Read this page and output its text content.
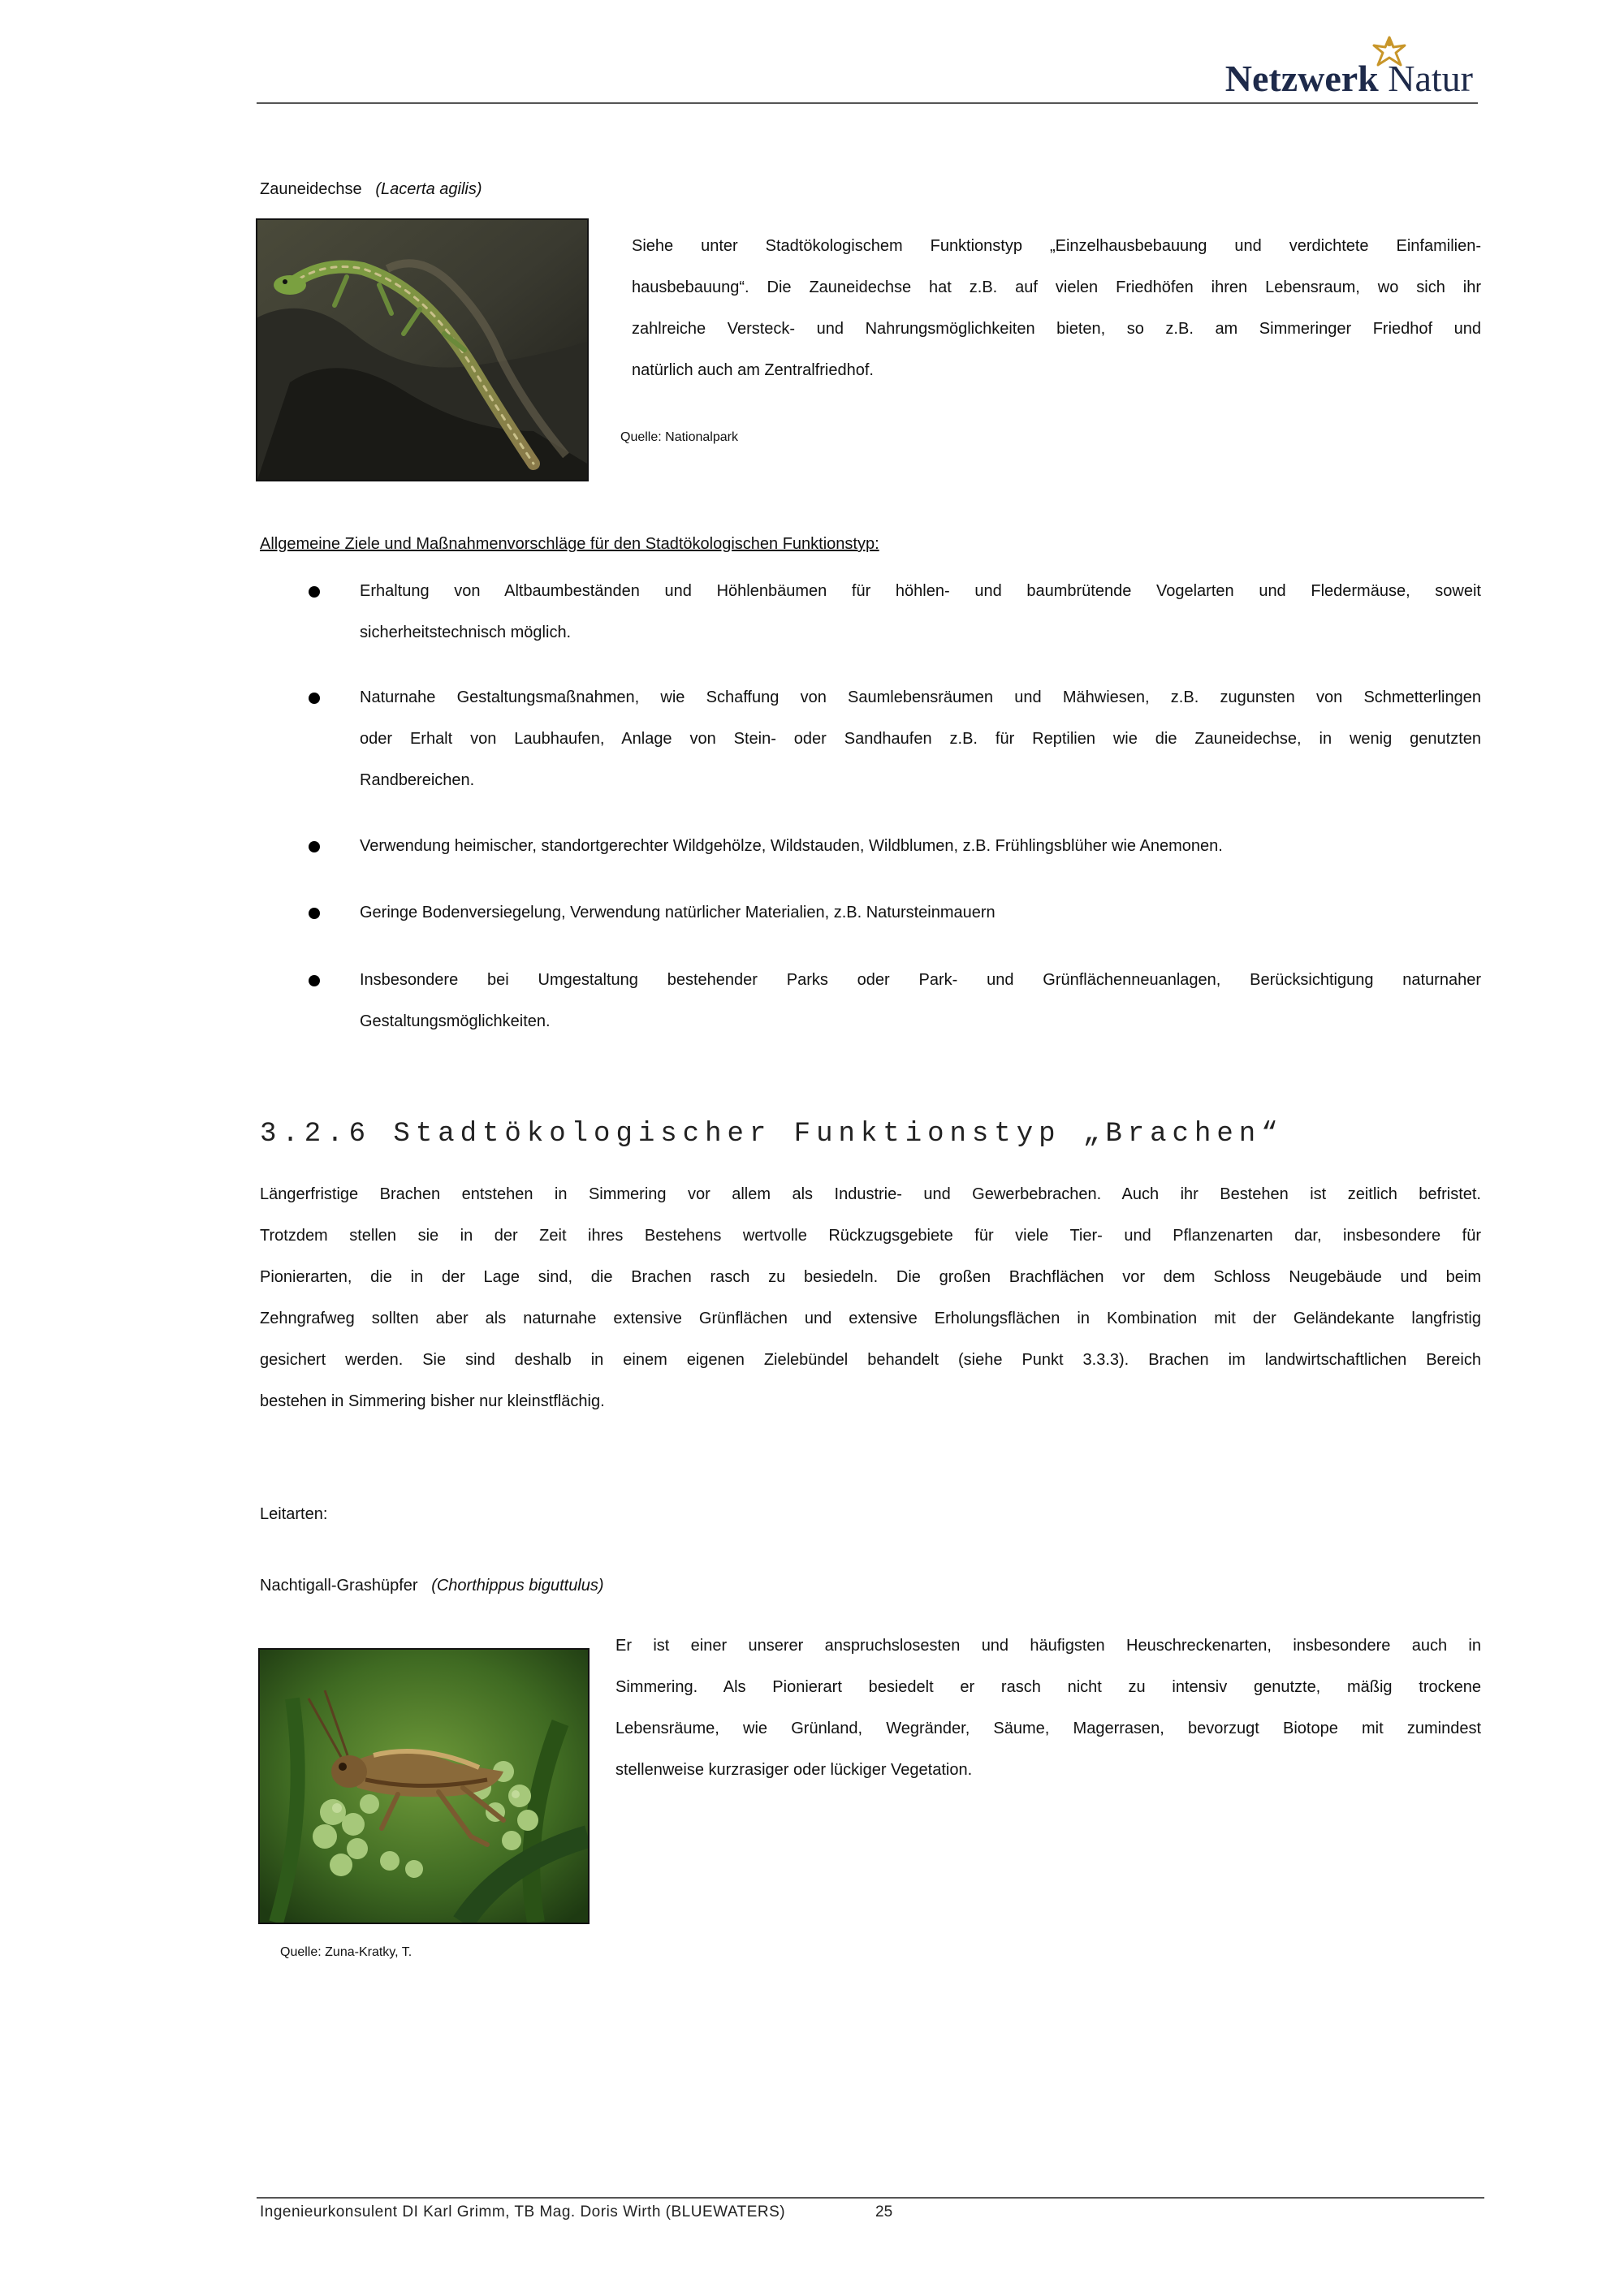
Netzwerk Natur
Zauneidechse (Lacerta agilis)
Siehe unter Stadtökologischem Funktionstyp „Einzelhausbebauung und verdichtete Einfamilien-
hausbebauung“. Die Zauneidechse hat z.B. auf vielen Friedhöfen ihren Lebensraum, wo sich ihr
zahlreiche Versteck- und Nahrungsmöglichkeiten bieten, so z.B. am Simmeringer Friedhof und
natürlich auch am Zentralfriedhof.
Quelle: Nationalpark
Allgemeine Ziele und Maßnahmenvorschläge für den Stadtökologischen Funktionstyp:
Erhaltung von Altbaumbeständen und Höhlenbäumen für höhlen- und baumbrütende Vogelarten und Fledermäuse, soweit
sicherheitstechnisch möglich.
Naturnahe Gestaltungsmaßnahmen, wie Schaffung von Saumlebensräumen und Mähwiesen, z.B. zugunsten von Schmetterlingen
oder Erhalt von Laubhaufen, Anlage von Stein- oder Sandhaufen z.B. für Reptilien wie die Zauneidechse, in wenig genutzten
Randbereichen.
Verwendung heimischer, standortgerechter Wildgehölze, Wildstauden, Wildblumen, z.B. Frühlingsblüher wie Anemonen.
Geringe Bodenversiegelung, Verwendung natürlicher Materialien, z.B. Natursteinmauern
Insbesondere bei Umgestaltung bestehender Parks oder Park- und Grünflächenneuanlagen, Berücksichtigung naturnaher
Gestaltungsmöglichkeiten.
3.2.6 Stadtökologischer Funktionstyp „Brachen“
Längerfristige Brachen entstehen in Simmering vor allem als Industrie- und Gewerbebrachen. Auch ihr Bestehen ist zeitlich befristet.
Trotzdem stellen sie in der Zeit ihres Bestehens wertvolle Rückzugsgebiete für viele Tier- und Pflanzenarten dar, insbesondere für
Pionierarten, die in der Lage sind, die Brachen rasch zu besiedeln. Die großen Brachflächen vor dem Schloss Neugebäude und beim
Zehngrafweg sollten aber als naturnahe extensive Grünflächen und extensive Erholungsflächen in Kombination mit der Geländekante langfristig
gesichert werden. Sie sind deshalb in einem eigenen Zielebündel behandelt (siehe Punkt 3.3.3). Brachen im landwirtschaftlichen Bereich
bestehen in Simmering bisher nur kleinstflächig.
Leitarten:
Nachtigall-Grashüpfer (Chorthippus biguttulus)
Er ist einer unserer anspruchslosesten und häufigsten Heuschreckenarten, insbesondere auch in
Simmering. Als Pionierart besiedelt er rasch nicht zu intensiv genutzte, mäßig trockene
Lebensräume, wie Grünland, Wegränder, Säume, Magerrasen, bevorzugt Biotope mit zumindest
stellenweise kurzrasiger oder lückiger Vegetation.
Quelle: Zuna-Kratky, T.
Ingenieurkonsulent DI Karl Grimm, TB Mag. Doris Wirth (BLUEWATERS)	25
